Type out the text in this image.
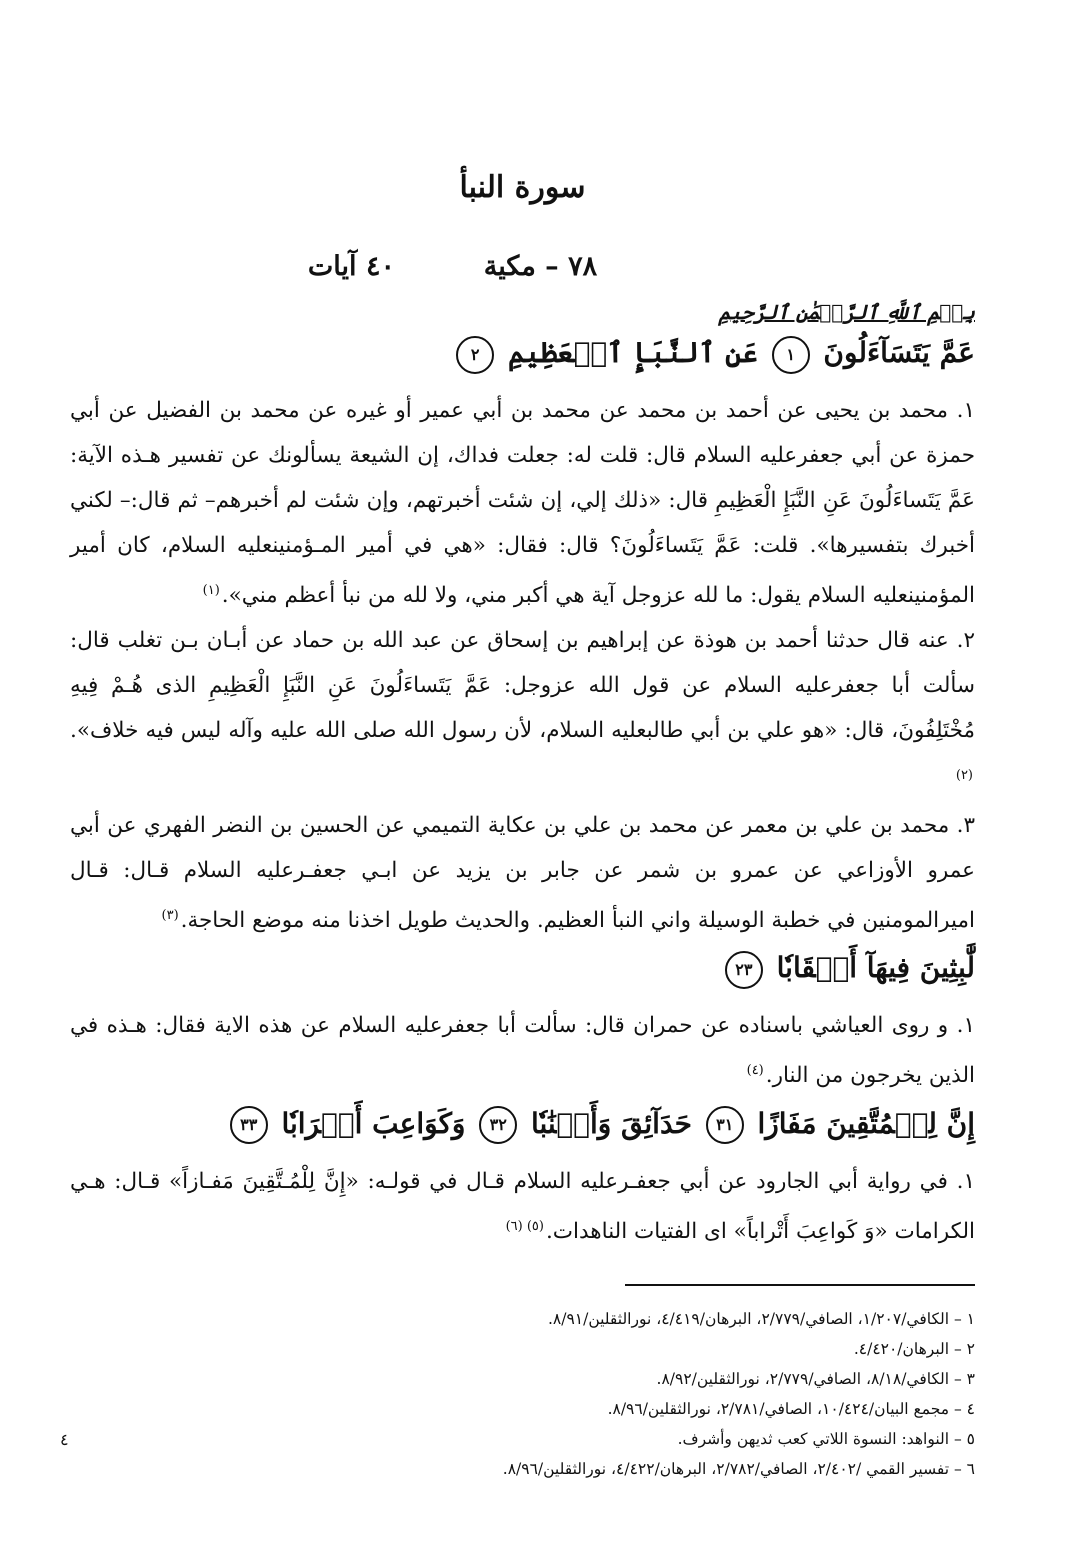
سورة النبأ
٧٨ – مكية  ٤٠ آيات
بِسۡمِ ٱللَّهِ ٱلرَّحۡمَٰنِ ٱلرَّحِيمِ
عَمَّ يَتَسَآءَلُونَ ١ عَنِ ٱلنَّبَإِ ٱلۡعَظِيمِ ٢

١. محمد بن يحيى عن أحمد بن محمد عن محمد بن أبي عمير أو غيره عن محمد بن الفضيل عن أبي حمزة عن أبي جعفرعليه السلام قال: قلت له: جعلت فداك، إن الشيعة يسألونك عن تفسير هـذه الآية: عَمَّ يَتَساءَلُونَ عَنِ النَّبَإِ الْعَظِيمِ قال: «ذلك إلي، إن شئت أخبرتهم، وإن شئت لم أخبرهم– ثم قال:– لكني أخبرك بتفسيرها». قلت: عَمَّ يَتَساءَلُونَ؟ قال: فقال: «هي في أمير المـؤمنينعليه السلام، كان أمير المؤمنينعليه السلام يقول: ما لله عزوجل آية هي أكبر مني، ولا لله من نبأ أعظم مني».$^{(١)}$

٢. عنه قال حدثنا أحمد بن هوذة عن إبراهيم بن إسحاق عن عبد الله بن حماد عن أبـان بـن تغلب قال: سألت أبا جعفرعليه السلام عن قول الله عزوجل: عَمَّ يَتَساءَلُونَ عَنِ النَّبَإِ الْعَظِيمِ الذى هُـمْ فِيهِ مُخْتَلِفُونَ، قال: «هو علي بن أبي طالبعليه السلام، لأن رسول الله صلى الله عليه وآله ليس فيه خلاف».$^{(٢)}$

٣. محمد بن علي بن معمر عن محمد بن علي بن عكاية التميمي عن الحسين بن النضر الفهري عن أبي عمرو الأوزاعي عن عمرو بن شمر عن جابر بن يزيد عن ابـي جعفـرعليه السلام قـال: قـال اميرالمومنين في خطبة الوسيلة واني النبأ العظيم. والحديث طويل اخذنا منه موضع الحاجة.$^{(٣)}$

لَّٰبِثِينَ فِيهَآ أَحۡقَابٗا ٢٣

١. و روى العياشي باسناده عن حمران قال: سألت أبا جعفرعليه السلام عن هذه الاية فقال: هـذه في الذين يخرجون من النار.$^{(٤)}$

إِنَّ لِلۡمُتَّقِينَ مَفَازًا ٣١ حَدَآئِقَ وَأَعۡنَٰبٗا ٣٢ وَكَوَاعِبَ أَتۡرَابٗا ٣٣

١. في رواية أبي الجارود عن أبي جعفـرعليه السلام قـال في قولـه: «إِنَّ لِلْمُـتَّقِينَ مَفـازاً» قـال: هـي الكرامات «وَ كَواعِبَ أَتْراباً» اى الفتيات الناهدات.$^{(٥) (٦)}$

١ – الكافي/١/٢٠٧، الصافي/٢/٧٧٩، البرهان/٤/٤١٩، نورالثقلين/٨/٩١.
٢ – البرهان/٤/٤٢٠.
٣ – الكافي/٨/١٨، الصافي/٢/٧٧٩، نورالثقلين/٨/٩٢.
٤ – مجمع البيان/١٠/٤٢٤، الصافي/٢/٧٨١، نورالثقلين/٨/٩٦.
٥ – النواهد: النسوة اللاتي كعب ثديهن وأشرف.
٦ – تفسير القمي /٢/٤٠٢، الصافي/٢/٧٨٢، البرهان/٤/٤٢٢، نورالثقلين/٨/٩٦.
٤
